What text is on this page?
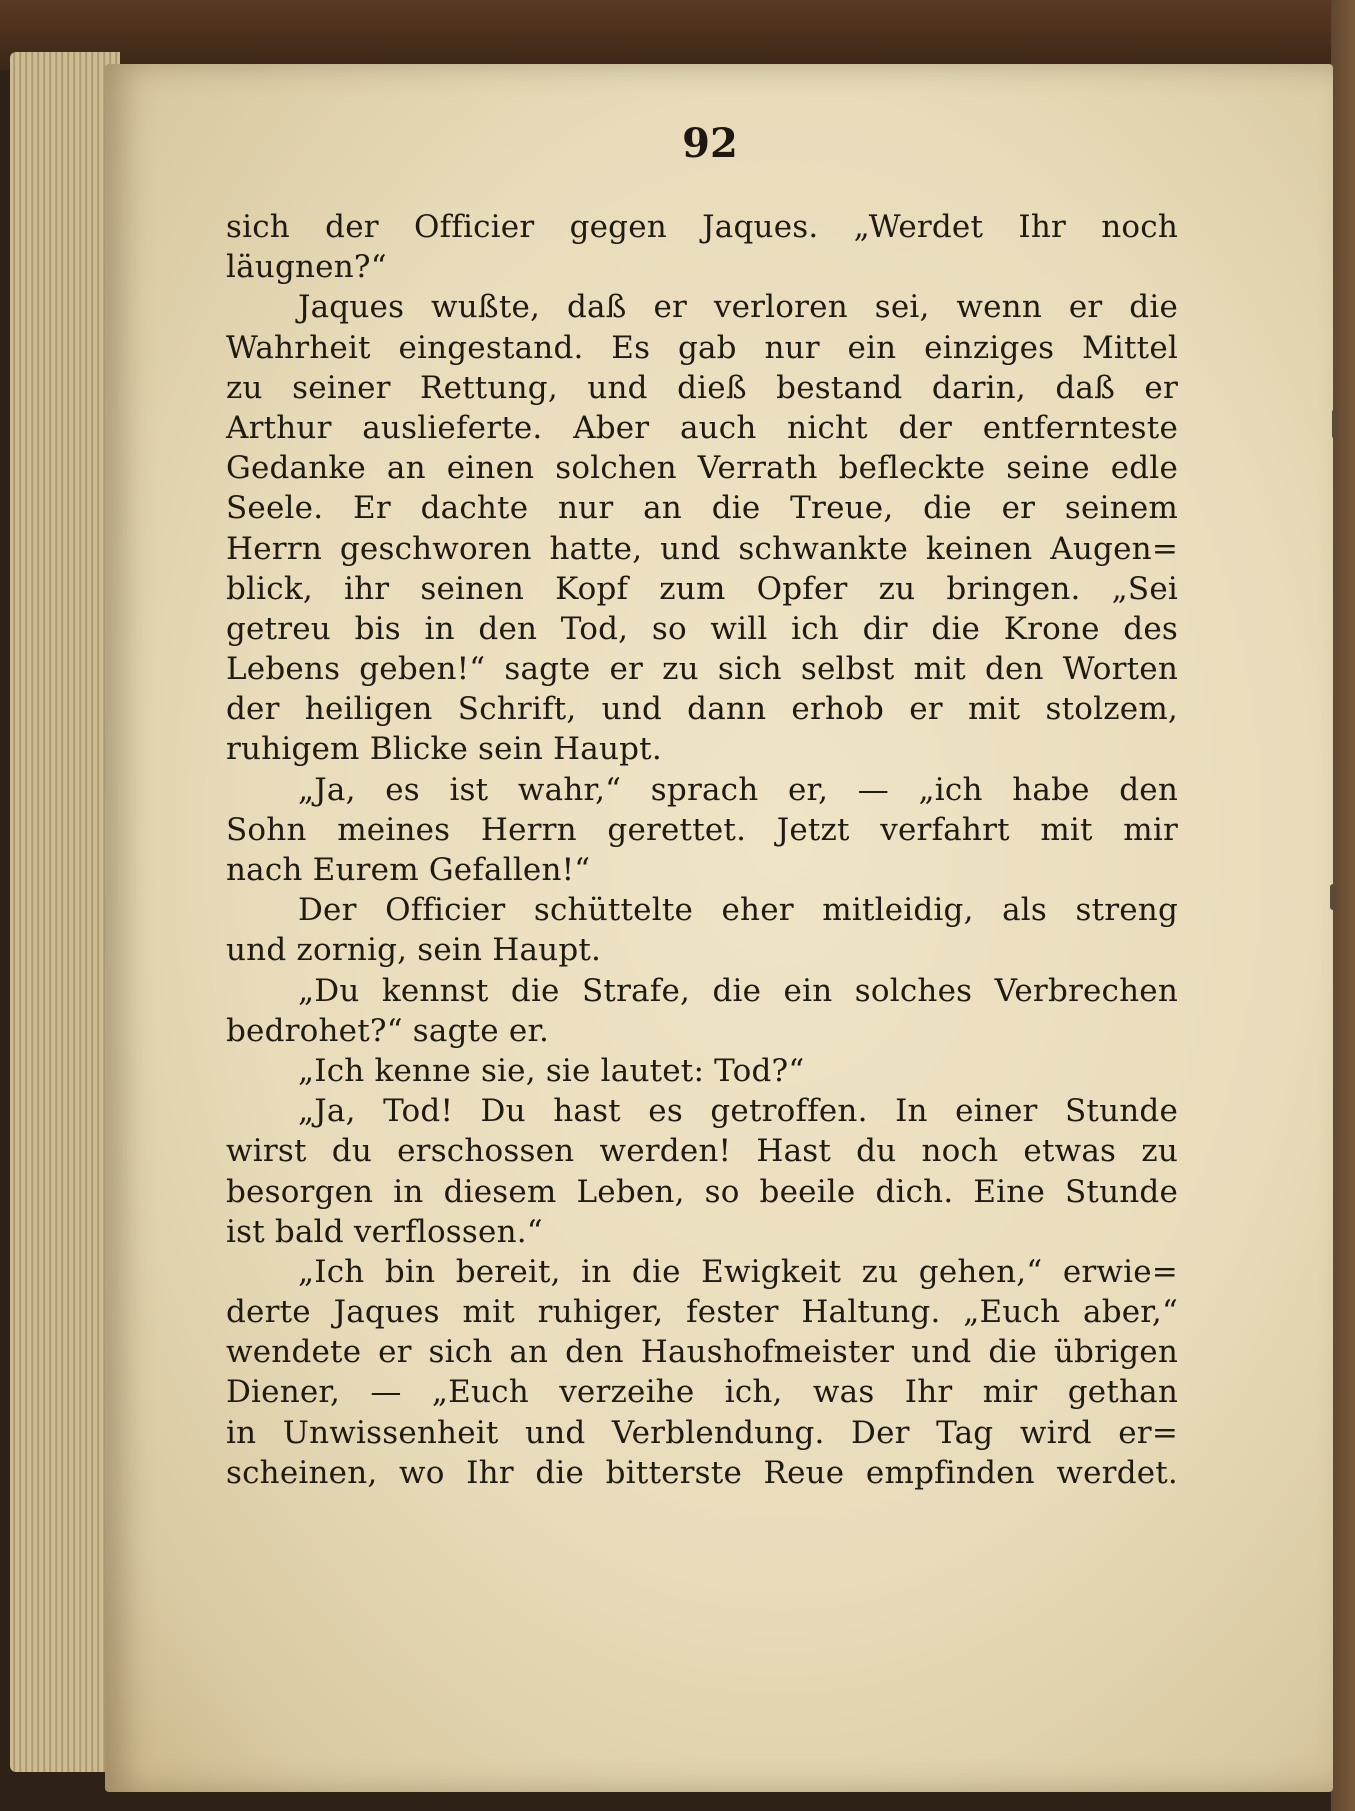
92
sich der Officier gegen Jaques. „Werdet Ihr noch
läugnen?“
Jaques wußte, daß er verloren sei, wenn er die
Wahrheit eingestand. Es gab nur ein einziges Mittel
zu seiner Rettung, und dieß bestand darin, daß er
Arthur auslieferte. Aber auch nicht der entfernteste
Gedanke an einen solchen Verrath befleckte seine edle
Seele. Er dachte nur an die Treue, die er seinem
Herrn geschworen hatte, und schwankte keinen Augen=
blick, ihr seinen Kopf zum Opfer zu bringen. „Sei
getreu bis in den Tod, so will ich dir die Krone des
Lebens geben!“ sagte er zu sich selbst mit den Worten
der heiligen Schrift, und dann erhob er mit stolzem,
ruhigem Blicke sein Haupt.
„Ja, es ist wahr,“ sprach er, — „ich habe den
Sohn meines Herrn gerettet. Jetzt verfahrt mit mir
nach Eurem Gefallen!“
Der Officier schüttelte eher mitleidig, als streng
und zornig, sein Haupt.
„Du kennst die Strafe, die ein solches Verbrechen
bedrohet?“ sagte er.
„Ich kenne sie, sie lautet: Tod?“
„Ja, Tod! Du hast es getroffen. In einer Stunde
wirst du erschossen werden! Hast du noch etwas zu
besorgen in diesem Leben, so beeile dich. Eine Stunde
ist bald verflossen.“
„Ich bin bereit, in die Ewigkeit zu gehen,“ erwie=
derte Jaques mit ruhiger, fester Haltung. „Euch aber,“
wendete er sich an den Haushofmeister und die übrigen
Diener, — „Euch verzeihe ich, was Ihr mir gethan
in Unwissenheit und Verblendung. Der Tag wird er=
scheinen, wo Ihr die bitterste Reue empfinden werdet.
